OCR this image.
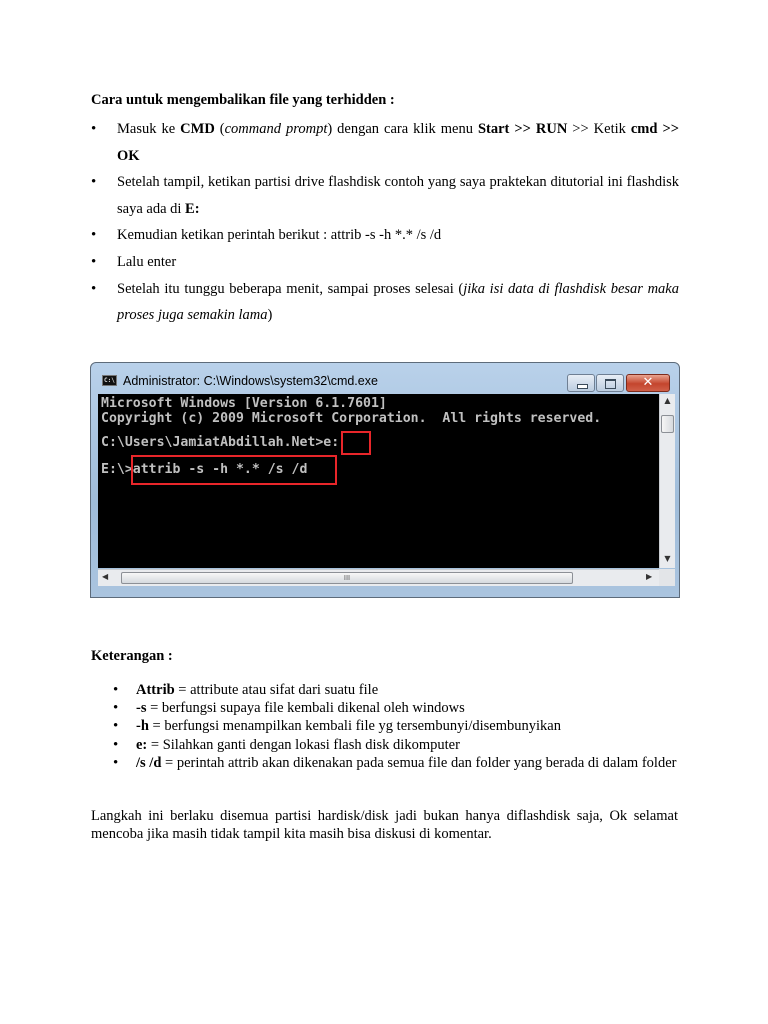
Cara untuk mengembalikan file yang terhidden :
• Masuk ke CMD (command prompt) dengan cara klik menu Start >> RUN >> Ketik cmd >> OK
• Setelah tampil, ketikan partisi drive flashdisk contoh yang saya praktekan ditutorial ini flashdisk saya ada di E:
• Kemudian ketikan perintah berikut : attrib -s -h *.* /s /d
• Lalu enter
• Setelah itu tunggu beberapa menit, sampai proses selesai (jika isi data di flashdisk besar maka proses juga semakin lama)
C:\ Administrator: C:\Windows\system32\cmd.exe	✕
Microsoft Windows [Version 6.1.7601]
Copyright (c) 2009 Microsoft Corporation.  All rights reserved.
C:\Users\JamiatAbdillah.Net>e:
E:\>attrib -s -h *.* /s /d
▲
▼
◀	III	▶
Keterangan :
• Attrib = attribute atau sifat dari suatu file
• -s = berfungsi supaya file kembali dikenal oleh windows
• -h = berfungsi menampilkan kembali file yg tersembunyi/disembunyikan
• e: = Silahkan ganti dengan lokasi flash disk dikomputer
• /s /d = perintah attrib akan dikenakan pada semua file dan folder yang berada di dalam folder
Langkah ini berlaku disemua partisi hardisk/disk jadi bukan hanya diflashdisk saja, Ok selamat mencoba jika masih tidak tampil kita masih bisa diskusi di komentar.
